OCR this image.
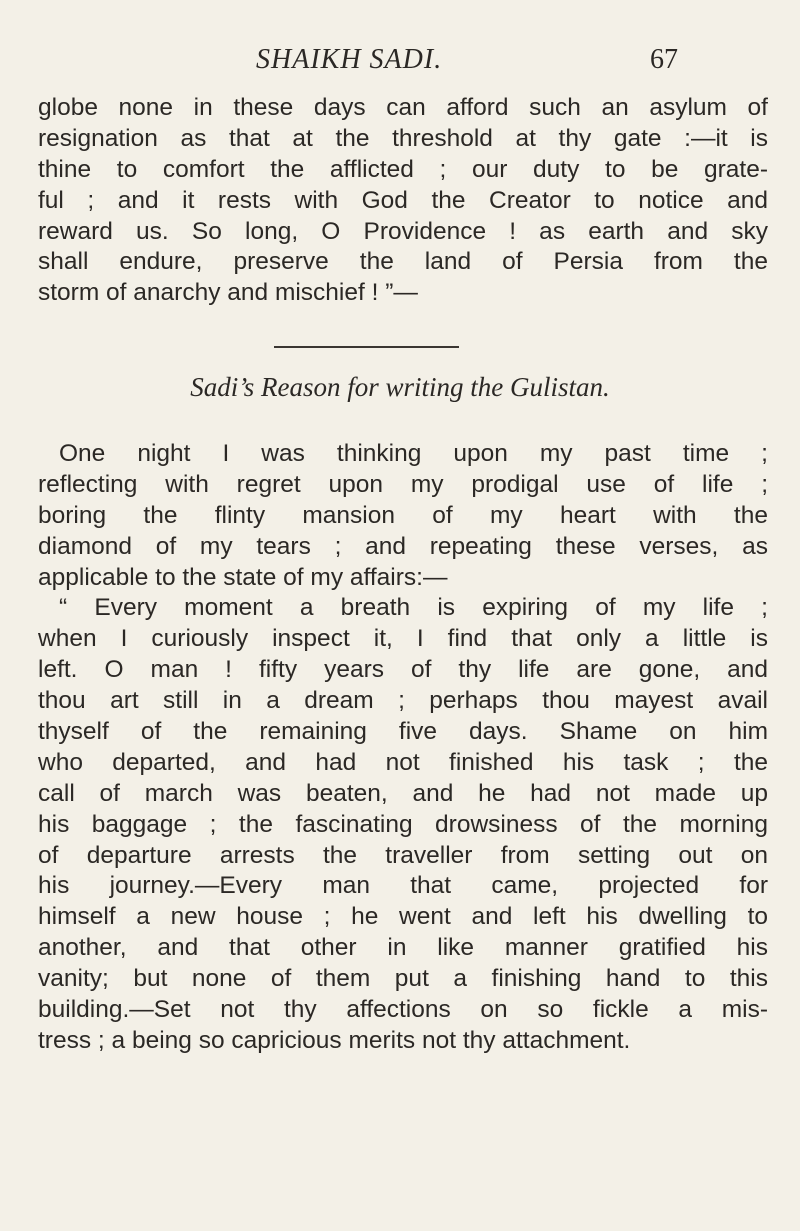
SHAIKH SADI.	67
globe none in these days can afford such an asylum of
resignation as that at the threshold at thy gate :—it is
thine to comfort the afflicted ; our duty to be grate-
ful ; and it rests with God the Creator to notice and
reward us. So long, O Providence ! as earth and sky
shall endure, preserve the land of Persia from the
storm of anarchy and mischief ! ”—
Sadi’s Reason for writing the Gulistan.
One night I was thinking upon my past time ;
reflecting with regret upon my prodigal use of life ;
boring the flinty mansion of my heart with the
diamond of my tears ; and repeating these verses, as
applicable to the state of my affairs:—
“ Every moment a breath is expiring of my life ;
when I curiously inspect it, I find that only a little is
left. O man ! fifty years of thy life are gone, and
thou art still in a dream ; perhaps thou mayest avail
thyself of the remaining five days. Shame on him
who departed, and had not finished his task ; the
call of march was beaten, and he had not made up
his baggage ; the fascinating drowsiness of the morning
of departure arrests the traveller from setting out on
his journey.—Every man that came, projected for
himself a new house ; he went and left his dwelling to
another, and that other in like manner gratified his
vanity; but none of them put a finishing hand to this
building.—Set not thy affections on so fickle a mis-
tress ; a being so capricious merits not thy attachment.
